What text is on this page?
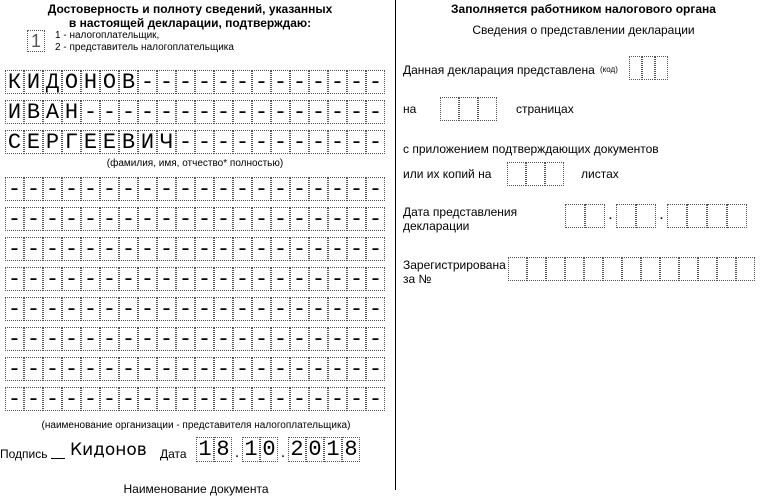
Достоверность и полноту сведений, указанных
в настоящей декларации, подтверждаю:
1	1 - налогоплательщик,
2 - представитель налогоплательщика
К И Д О Н О В - - - - - - - - - - - - -
И В А Н - - - - - - - - - - - - - - - -
С Е Р Г Е Е В И Ч - - - - - - - - - - -
(фамилия, имя, отчество* полностью)
- - - - - - - - - - - - - - - - - - - -
- - - - - - - - - - - - - - - - - - - -
- - - - - - - - - - - - - - - - - - - -
- - - - - - - - - - - - - - - - - - - -
- - - - - - - - - - - - - - - - - - - -
- - - - - - - - - - - - - - - - - - - -
- - - - - - - - - - - - - - - - - - - -
- - - - - - - - - - - - - - - - - - - -
(наименование организации - представителя налогоплательщика)
Подпись Кидонов Дата 1 8 . 1 0 . 2 0 1 8
Наименование документа
Заполняется работником налогового органа
Сведения о представлении декларации
Данная декларация представлена (код)
на	страницах
с приложением подтверждающих документов
или их копий на	листах
Дата представления
декларации
.	.
Зарегистрирована
за №
